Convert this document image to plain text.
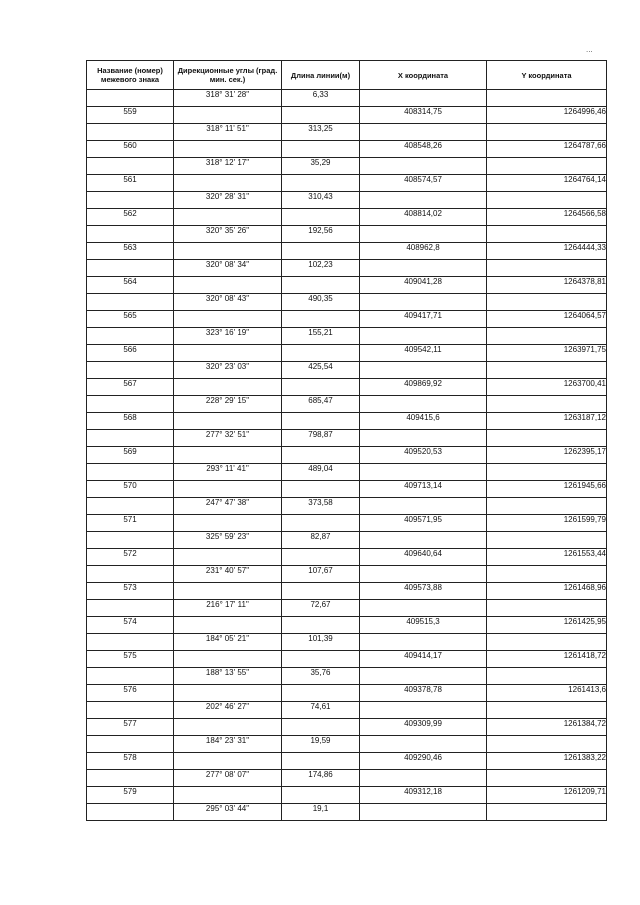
...
Название (номер) межевого знака	Дирекционные углы (град. мин. сек.)	Длина линии(м)	X координата	Y координата
	318° 31' 28"	6,33		
559			408314,75	1264996,46
	318° 11' 51"	313,25		
560			408548,26	1264787,66
	318° 12' 17"	35,29		
561			408574,57	1264764,14
	320° 28' 31"	310,43		
562			408814,02	1264566,58
	320° 35' 26"	192,56		
563			408962,8	1264444,33
	320° 08' 34"	102,23		
564			409041,28	1264378,81
	320° 08' 43"	490,35		
565			409417,71	1264064,57
	323° 16' 19"	155,21		
566			409542,11	1263971,75
	320° 23' 03"	425,54		
567			409869,92	1263700,41
	228° 29' 15"	685,47		
568			409415,6	1263187,12
	277° 32' 51"	798,87		
569			409520,53	1262395,17
	293° 11' 41"	489,04		
570			409713,14	1261945,66
	247° 47' 38"	373,58		
571			409571,95	1261599,79
	325° 59' 23"	82,87		
572			409640,64	1261553,44
	231° 40' 57"	107,67		
573			409573,88	1261468,96
	216° 17' 11"	72,67		
574			409515,3	1261425,95
	184° 05' 21"	101,39		
575			409414,17	1261418,72
	188° 13' 55"	35,76		
576			409378,78	1261413,6
	202° 46' 27"	74,61		
577			409309,99	1261384,72
	184° 23' 31"	19,59		
578			409290,46	1261383,22
	277° 08' 07"	174,86		
579			409312,18	1261209,71
	295° 03' 44"	19,1		
